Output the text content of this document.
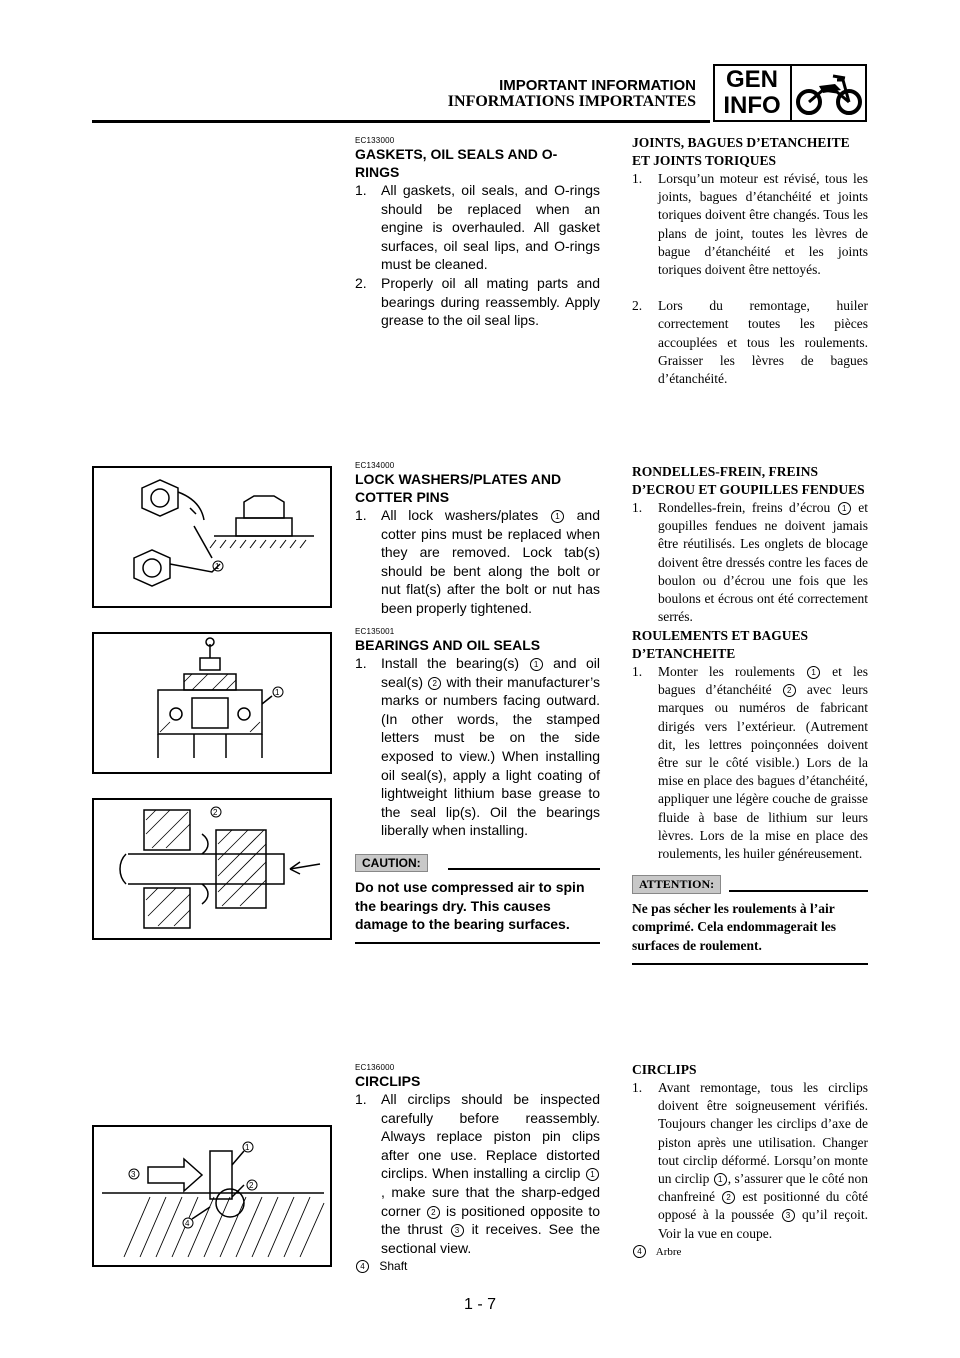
IMPORTANT INFORMATION
INFORMATIONS IMPORTANTES
GEN
INFO
EC133000
GASKETS, OIL SEALS AND O-RINGS
1. All gaskets, oil seals, and O-rings should be replaced when an engine is overhauled. All gasket surfaces, oil seal lips, and O-rings must be cleaned.
2. Properly oil all mating parts and bearings during reassembly. Apply grease to the oil seal lips.
JOINTS, BAGUES D’ETANCHEITE ET JOINTS TORIQUES
1. Lorsqu’un moteur est révisé, tous les joints, bagues d’étanchéité et joints toriques doivent être changés. Tous les plans de joint, toutes les lèvres de bague d’étanchéité et les joints toriques doivent être nettoyés.
2. Lors du remontage, huiler correctement toutes les pièces accouplées et tous les roulements. Graisser les lèvres de bagues d’étanchéité.
1
EC134000
LOCK WASHERS/PLATES AND COTTER PINS
1. All lock washers/plates 1 and cotter pins must be replaced when they are removed. Lock tab(s) should be bent along the bolt or nut flat(s) after the bolt or nut has been properly tightened.
RONDELLES-FREIN, FREINS D’ECROU ET GOUPILLES FENDUES
1. Rondelles-frein, freins d’écrou 1 et goupilles fendues ne doivent jamais être réutilisés. Les onglets de blocage doivent être dressés contre les faces de boulon ou d’écrou une fois que les boulons et écrous ont été correctement serrés.
1
2
EC135001
BEARINGS AND OIL SEALS
1. Install the bearing(s) 1 and oil seal(s) 2 with their manufacturer’s marks or numbers facing outward. (In other words, the stamped letters must be on the side exposed to view.) When installing oil seal(s), apply a light coating of lightweight lithium base grease to the seal lip(s). Oil the bearings liberally when installing.
CAUTION:
Do not use compressed air to spin the bearings dry. This causes damage to the bearing surfaces.
ROULEMENTS ET BAGUES D’ETANCHEITE
1. Monter les roulements 1 et les bagues d’étanchéité 2 avec leurs marques ou numéros de fabricant dirigés vers l’extérieur. (Autrement dit, les lettres poinçonnées doivent être sur le côté visible.) Lors de la mise en place des bagues d’étanchéité, appliquer une légère couche de graisse fluide à base de lithium sur leurs lèvres. Lors de la mise en place des roulements, les huiler généreusement.
ATTENTION:
Ne pas sécher les roulements à l’air comprimé. Cela endommagerait les surfaces de roulement.
1
2
3
4
EC136000
CIRCLIPS
1. All circlips should be inspected carefully before reassembly. Always replace piston pin clips after one use. Replace distorted circlips. When installing a circlip 1, make sure that the sharp-edged corner 2 is positioned opposite to the thrust 3 it receives. See the sectional view.
4 Shaft
CIRCLIPS
1. Avant remontage, tous les circlips doivent être soigneusement vérifiés. Toujours changer les circlips d’axe de piston après une utilisation. Changer tout circlip déformé. Lorsqu’on monte un circlip 1 , s’assurer que le côté non chanfreiné 2 est positionné du côté opposé à la poussée 3 qu’il reçoit. Voir la vue en coupe.
4 Arbre
1 - 7
